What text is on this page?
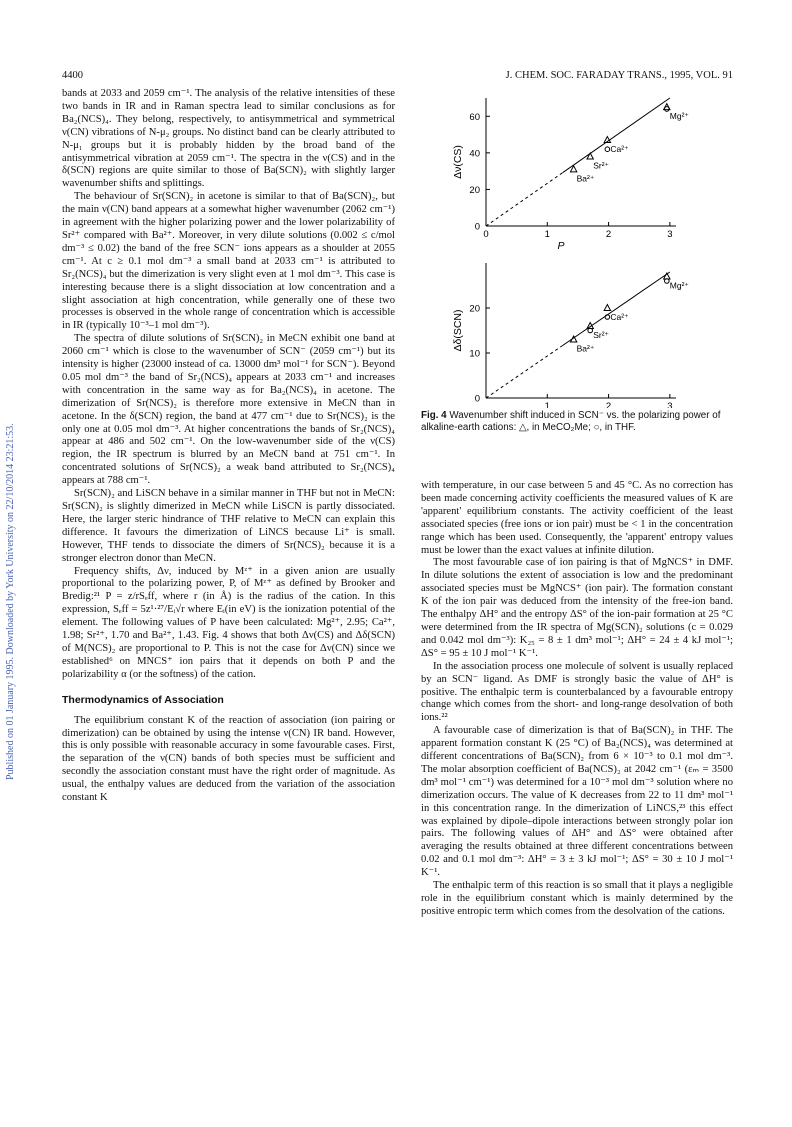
4400	J. CHEM. SOC. FARADAY TRANS., 1995, VOL. 91
Published on 01 January 1995. Downloaded by York University on 22/10/2014 23:21:53.

bands at 2033 and 2059 cm⁻¹. The analysis of the relative intensities of these two bands in IR and in Raman spectra lead to similar conclusions as for Ba₂(NCS)₄. They belong, respectively, to antisymmetrical and symmetrical ν(CN) vibrations of N-μ₂ groups. No distinct band can be clearly attributed to N-μ₁ groups but it is probably hidden by the broad band of the antisymmetrical vibration at 2059 cm⁻¹. The spectra in the ν(CS) and in the δ(SCN) regions are quite similar to those of Ba(SCN)₂ with slightly larger wavenumber shifts and splittings.

The behaviour of Sr(SCN)₂ in acetone is similar to that of Ba(SCN)₂, but the main ν(CN) band appears at a somewhat higher wavenumber (2062 cm⁻¹) in agreement with the higher polarizing power and the lower polarizability of Sr²⁺ compared with Ba²⁺. Moreover, in very dilute solutions (0.002 ≤ c/mol dm⁻³ ≤ 0.02) the band of the free SCN⁻ ions appears as a shoulder at 2055 cm⁻¹. At c ≥ 0.1 mol dm⁻³ a small band at 2033 cm⁻¹ is attributed to Sr₂(NCS)₄ but the dimerization is very slight even at 1 mol dm⁻³. This case is interesting because there is a slight dissociation at low concentration and a slight association at high concentration, while generally one of these two processes is observed in the whole range of concentration which is accessible in IR (typically 10⁻³–1 mol dm⁻³).

The spectra of dilute solutions of Sr(SCN)₂ in MeCN exhibit one band at 2060 cm⁻¹ which is close to the wavenumber of SCN⁻ (2059 cm⁻¹) but its intensity is higher (23000 instead of ca. 13000 dm³ mol⁻¹ for SCN⁻). Beyond 0.05 mol dm⁻³ the band of Sr₂(NCS)₄ appears at 2033 cm⁻¹ and increases with concentration in the same way as for Ba₂(NCS)₄ in acetone. The dimerization of Sr(NCS)₂ is therefore more extensive in MeCN than in acetone. In the δ(SCN) region, the band at 477 cm⁻¹ due to Sr(NCS)₂ is the only one at 0.05 mol dm⁻³. At higher concentrations the bands of Sr₂(NCS)₄ appear at 486 and 502 cm⁻¹. On the low-wavenumber side of the ν(CS) region, the IR spectrum is blurred by an MeCN band at 751 cm⁻¹. In concentrated solutions of Sr(NCS)₂ a weak band attributed to Sr₂(NCS)₄ appears at 788 cm⁻¹.

Sr(SCN)₂ and LiSCN behave in a similar manner in THF but not in MeCN: Sr(SCN)₂ is slightly dimerized in MeCN while LiSCN is partly dissociated. Here, the larger steric hindrance of THF relative to MeCN can explain this difference. It favours the dimerization of LiNCS because Li⁺ is small. However, THF tends to dissociate the dimers of Sr(NCS)₂ because it is a stronger electron donor than MeCN.

Frequency shifts, Δν, induced by Mᶻ⁺ in a given anion are usually proportional to the polarizing power, P, of Mᶻ⁺ as defined by Brooker and Bredig:²¹ P = z/rSₑff, where r (in Å) is the radius of the cation. In this expression, Sₑff = 5z¹·²⁷/Eᵢ√r where Eᵢ(in eV) is the ionization potential of the element. The following values of P have been calculated: Mg²⁺, 2.95; Ca²⁺, 1.98; Sr²⁺, 1.70 and Ba²⁺, 1.43. Fig. 4 shows that both Δν(CS) and Δδ(SCN) of M(NCS)₂ are proportional to P. This is not the case for Δν(CN) since we established⁶ on MNCS⁺ ion pairs that it depends on both P and the polarizability α (or the softness) of the cation.

Thermodynamics of Association

The equilibrium constant K of the reaction of association (ion pairing or dimerization) can be obtained by using the intense ν(CN) IR band. However, this is only possible with reasonable accuracy in some favourable cases. First, the separation of the ν(CN) bands of both species must be sufficient and secondly the association constant must have the right order of magnitude. As usual, the enthalpy values are deduced from the variation of the association constant K

0
20
40
60
0	1	2	3
P
Δν(CS)	Ba²⁺
Sr²⁺
Ca²⁺
Mg²⁺
0
10
20
1	2	3
Δδ(SCN)	Ba²⁺
Sr²⁺
Ca²⁺
Mg²⁺
Fig. 4 Wavenumber shift induced in SCN⁻ vs. the polarizing power of alkaline-earth cations: △, in MeCO₂Me; ○, in THF.

with temperature, in our case between 5 and 45 °C. As no correction has been made concerning activity coefficients the measured values of K are 'apparent' equilibrium constants. The activity coefficient of the least associated species (free ions or ion pair) must be < 1 in the concentration range which has been used. Consequently, the 'apparent' entropy values must be lower than the exact values at infinite dilution.

The most favourable case of ion pairing is that of MgNCS⁺ in DMF. In dilute solutions the extent of association is low and the predominant associated species must be MgNCS⁺ (ion pair). The formation constant K of the ion pair was deduced from the intensity of the free-ion band. The enthalpy ΔH° and the entropy ΔS° of the ion-pair formation at 25 °C were determined from the IR spectra of Mg(SCN)₂ solutions (c = 0.029 and 0.042 mol dm⁻³): K₂₅ = 8 ± 1 dm³ mol⁻¹; ΔH° = 24 ± 4 kJ mol⁻¹; ΔS° = 95 ± 10 J mol⁻¹ K⁻¹.

In the association process one molecule of solvent is usually replaced by an SCN⁻ ligand. As DMF is strongly basic the value of ΔH° is positive. The enthalpic term is counterbalanced by a favourable entropy change which comes from the short- and long-range desolvation of both ions.²²

A favourable case of dimerization is that of Ba(SCN)₂ in THF. The apparent formation constant K (25 °C) of Ba₂(NCS)₄ was determined at different concentrations of Ba(SCN)₂ from 6 × 10⁻³ to 0.1 mol dm⁻³. The molar absorption coefficient of Ba(NCS)₂ at 2042 cm⁻¹ (εₘ = 3500 dm³ mol⁻¹ cm⁻¹) was determined for a 10⁻³ mol dm⁻³ solution where no dimerization occurs. The value of K decreases from 22 to 11 dm³ mol⁻¹ in this concentration range. In the dimerization of LiNCS,²³ this effect was explained by dipole–dipole interactions between strongly polar ion pairs. The following values of ΔH° and ΔS° were obtained after averaging the results obtained at three different concentrations between 0.02 and 0.1 mol dm⁻³: ΔH° = 3 ± 3 kJ mol⁻¹; ΔS° = 30 ± 10 J mol⁻¹ K⁻¹.

The enthalpic term of this reaction is so small that it plays a negligible role in the equilibrium constant which is mainly determined by the positive entropic term which comes from the desolvation of the cations.
